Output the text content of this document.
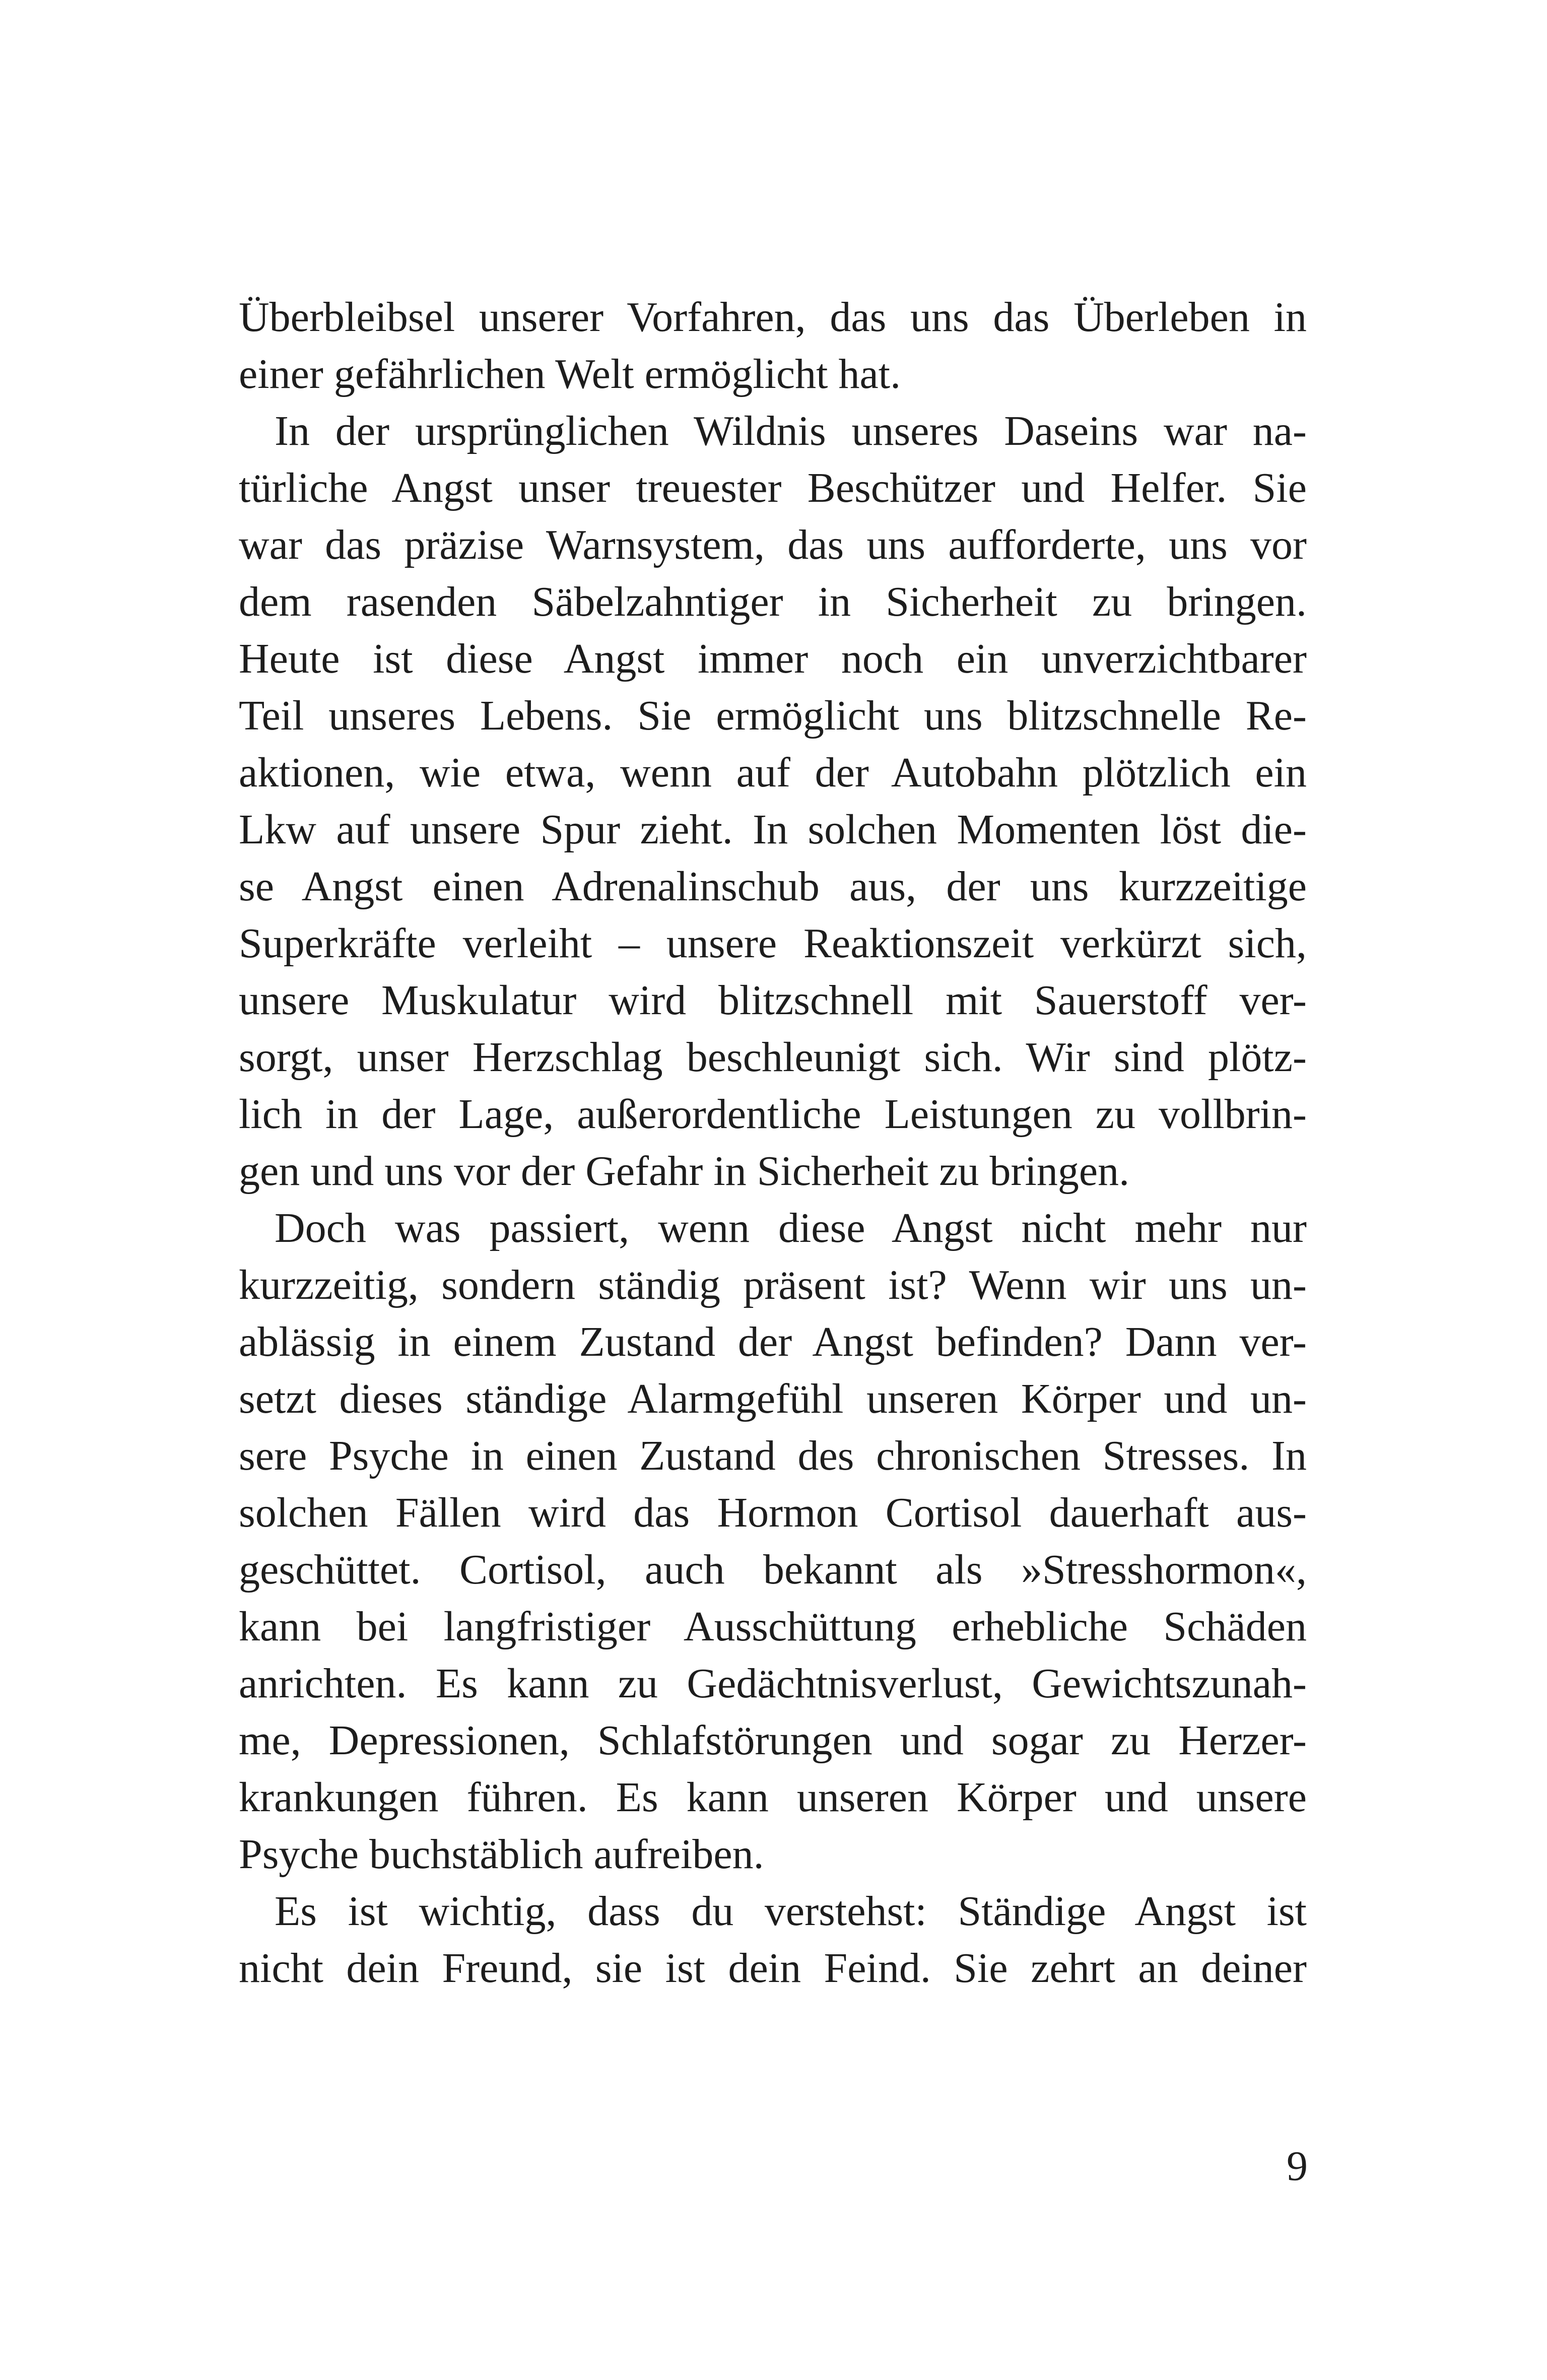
Überbleibsel unserer Vorfahren, das uns das Überleben in
einer gefährlichen Welt ermöglicht hat.
In der ursprünglichen Wildnis unseres Daseins war na-
türliche Angst unser treuester Beschützer und Helfer. Sie
war das präzise Warnsystem, das uns aufforderte, uns vor
dem rasenden Säbelzahntiger in Sicherheit zu bringen.
Heute ist diese Angst immer noch ein unverzichtbarer
Teil unseres Lebens. Sie ermöglicht uns blitzschnelle Re-
aktionen, wie etwa, wenn auf der Autobahn plötzlich ein
Lkw auf unsere Spur zieht. In solchen Momenten löst die-
se Angst einen Adrenalinschub aus, der uns kurzzeitige
Superkräfte verleiht – unsere Reaktionszeit verkürzt sich,
unsere Muskulatur wird blitzschnell mit Sauerstoff ver-
sorgt, unser Herzschlag beschleunigt sich. Wir sind plötz-
lich in der Lage, außerordentliche Leistungen zu vollbrin-
gen und uns vor der Gefahr in Sicherheit zu bringen.
Doch was passiert, wenn diese Angst nicht mehr nur
kurzzeitig, sondern ständig präsent ist? Wenn wir uns un-
ablässig in einem Zustand der Angst befinden? Dann ver-
setzt dieses ständige Alarmgefühl unseren Körper und un-
sere Psyche in einen Zustand des chronischen Stresses. In
solchen Fällen wird das Hormon Cortisol dauerhaft aus-
geschüttet. Cortisol, auch bekannt als »Stresshormon«,
kann bei langfristiger Ausschüttung erhebliche Schäden
anrichten. Es kann zu Gedächtnisverlust, Gewichtszunah-
me, Depressionen, Schlafstörungen und sogar zu Herzer-
krankungen führen. Es kann unseren Körper und unsere
Psyche buchstäblich aufreiben.
Es ist wichtig, dass du verstehst: Ständige Angst ist
nicht dein Freund, sie ist dein Feind. Sie zehrt an deiner
9
